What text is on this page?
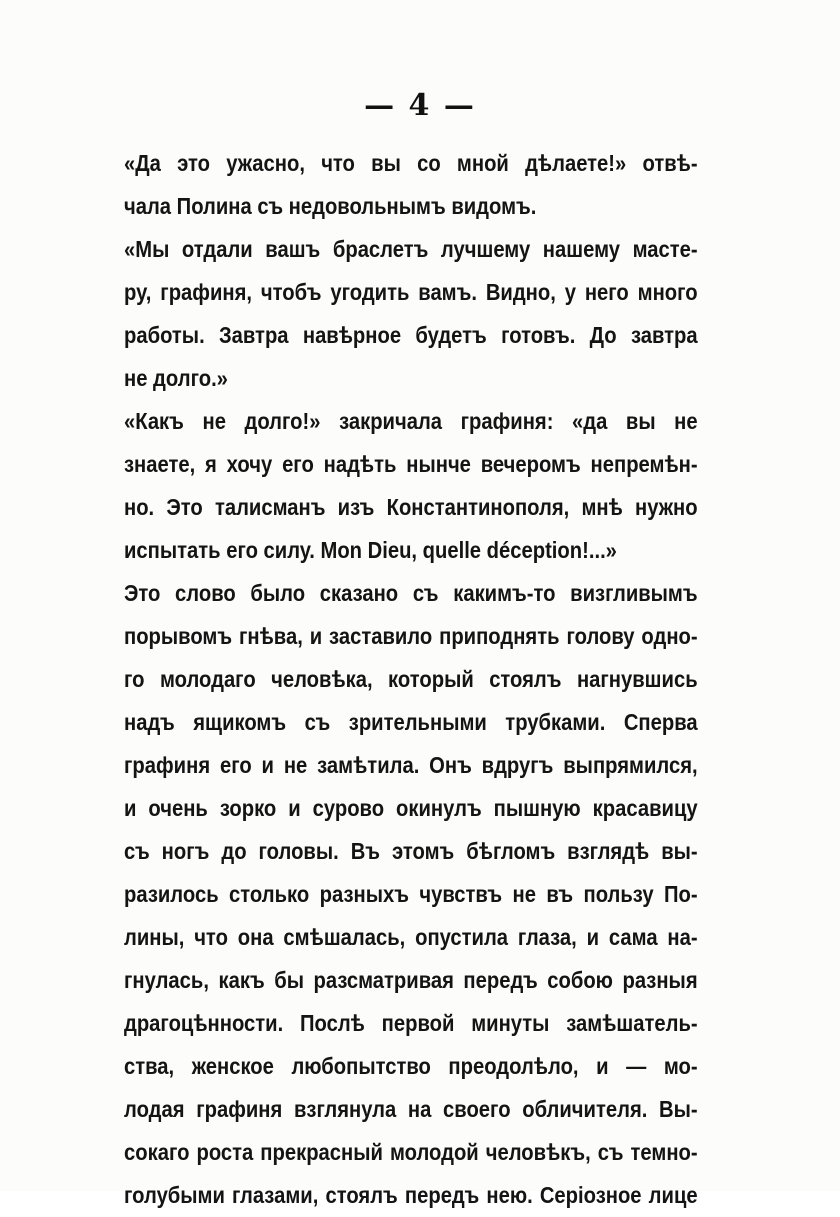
— 4 —
«Да это ужасно, что вы со мной дѣлаете!» отвѣ-
чала Полина съ недовольнымъ видомъ.
«Мы отдали вашъ браслетъ лучшему нашему масте-
ру, графиня, чтобъ угодить вамъ. Видно, у него много
работы. Завтра навѣрное будетъ готовъ. До завтра
не долго.»
«Какъ не долго!» закричала графиня: «да вы не
знаете, я хочу его надѣть нынче вечеромъ непремѣн-
но. Это талисманъ изъ Константинополя, мнѣ нужно
испытать его силу. Mon Dieu, quelle déception!...»
Это слово было сказано съ какимъ-то визгливымъ
порывомъ гнѣва, и заставило приподнять голову одно-
го молодаго человѣка, который стоялъ нагнувшись
надъ ящикомъ съ зрительными трубками. Сперва
графиня его и не замѣтила. Онъ вдругъ выпрямился,
и очень зорко и сурово окинулъ пышную красавицу
съ ногъ до головы. Въ этомъ бѣгломъ взглядѣ вы-
разилось столько разныхъ чувствъ не въ пользу По-
лины, что она смѣшалась, опустила глаза, и сама на-
гнулась, какъ бы разсматривая передъ собою разныя
драгоцѣнности. Послѣ первой минуты замѣшатель-
ства, женское любопытство преодолѣло, и — мо-
лодая графиня взглянула на своего обличителя. Вы-
сокаго роста прекрасный молодой человѣкъ, съ темно-
голубыми глазами, стоялъ передъ нею. Серіозное лице
